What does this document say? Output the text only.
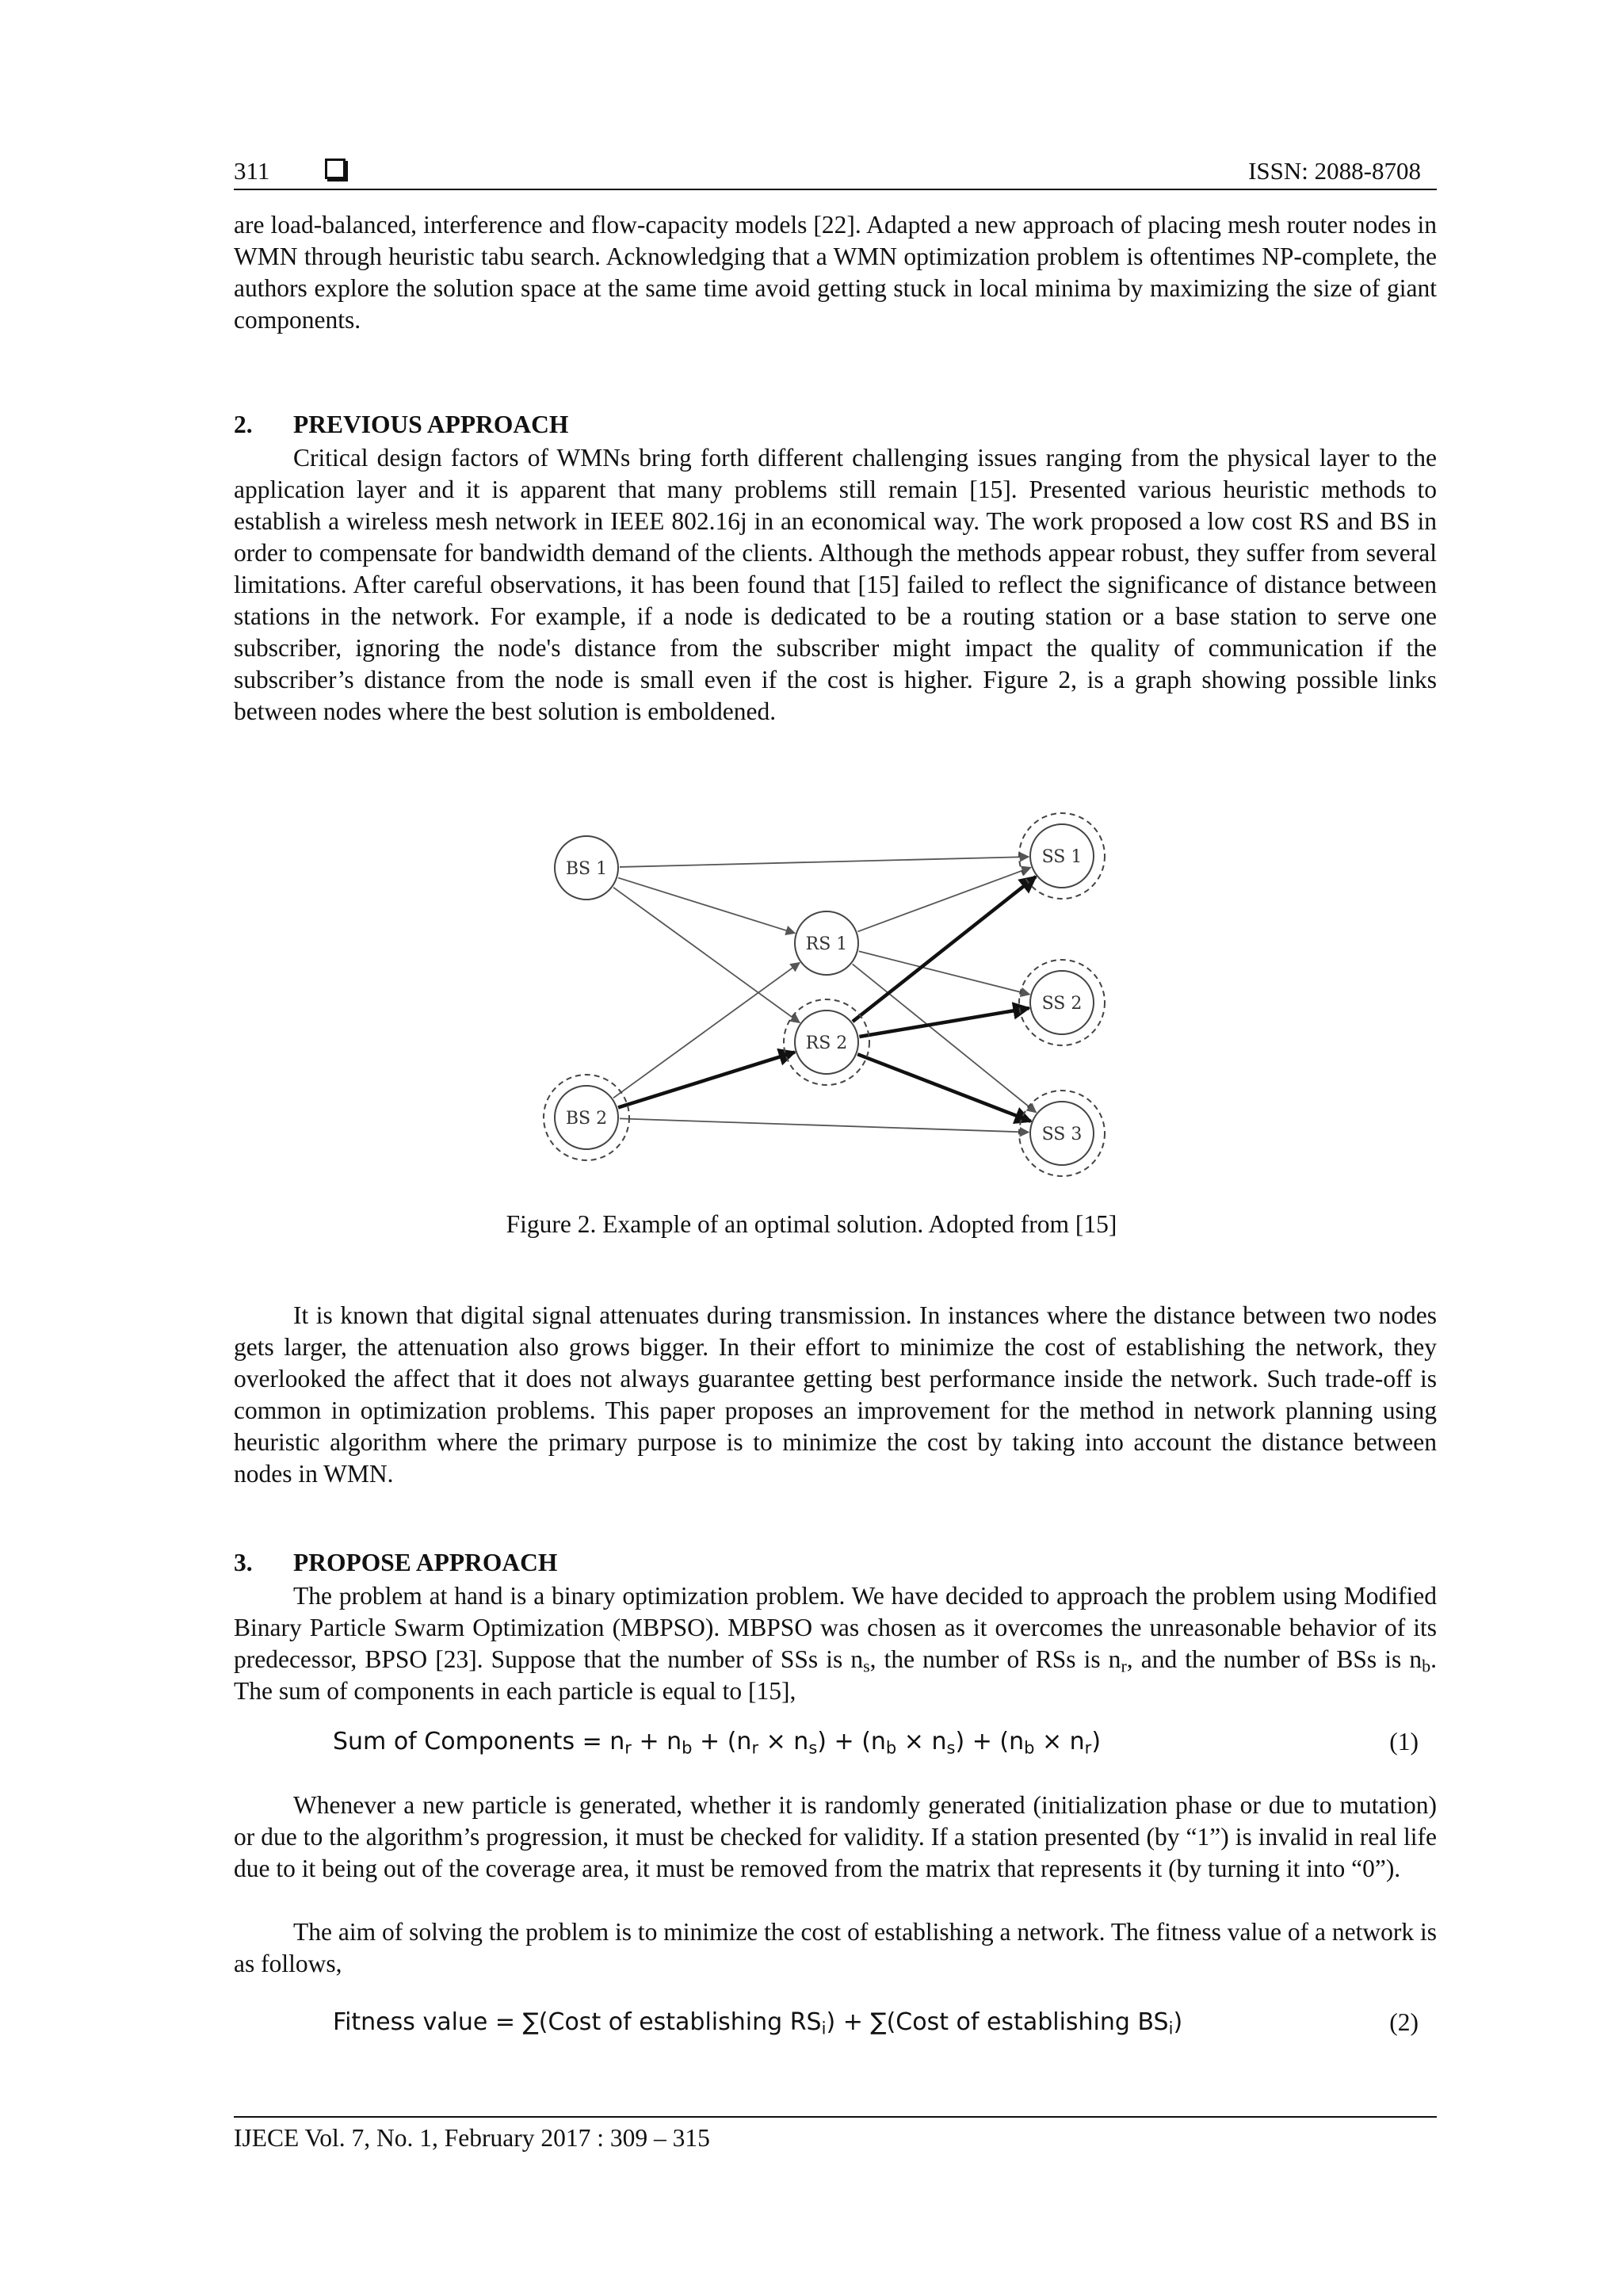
311	ISSN: 2088-8708

are load-balanced, interference and flow-capacity models [22]. Adapted a new approach of placing mesh router nodes in WMN through heuristic tabu search. Acknowledging that a WMN optimization problem is oftentimes NP-complete, the authors explore the solution space at the same time avoid getting stuck in local minima by maximizing the size of giant components.

2. PREVIOUS APPROACH

Critical design factors of WMNs bring forth different challenging issues ranging from the physical layer to the application layer and it is apparent that many problems still remain [15]. Presented various heuristic methods to establish a wireless mesh network in IEEE 802.16j in an economical way. The work proposed a low cost RS and BS in order to compensate for bandwidth demand of the clients. Although the methods appear robust, they suffer from several limitations. After careful observations, it has been found that [15] failed to reflect the significance of distance between stations in the network. For example, if a node is dedicated to be a routing station or a base station to serve one subscriber, ignoring the node's distance from the subscriber might impact the quality of communication if the subscriber’s distance from the node is small even if the cost is higher. Figure 2, is a graph showing possible links between nodes where the best solution is emboldened.

BS 1
BS 2
RS 1
RS 2
SS 1
SS 2
SS 3
Figure 2. Example of an optimal solution. Adopted from [15]

It is known that digital signal attenuates during transmission. In instances where the distance between two nodes gets larger, the attenuation also grows bigger. In their effort to minimize the cost of establishing the network, they overlooked the affect that it does not always guarantee getting best performance inside the network. Such trade-off is common in optimization problems. This paper proposes an improvement for the method in network planning using heuristic algorithm where the primary purpose is to minimize the cost by taking into account the distance between nodes in WMN.

3. PROPOSE APPROACH

The problem at hand is a binary optimization problem. We have decided to approach the problem using Modified Binary Particle Swarm Optimization (MBPSO). MBPSO was chosen as it overcomes the unreasonable behavior of its predecessor, BPSO [23]. Suppose that the number of SSs is $n_s$, the number of RSs is $n_r$, and the number of BSs is $n_b$. The sum of components in each particle is equal to [15],

Sum of Components = $n_r + n_b + (n_r \times n_s) + (n_b \times n_s) + (n_b \times n_r)$	(1)

Whenever a new particle is generated, whether it is randomly generated (initialization phase or due to mutation) or due to the algorithm’s progression, it must be checked for validity. If a station presented (by “1”) is invalid in real life due to it being out of the coverage area, it must be removed from the matrix that represents it (by turning it into “0”).

The aim of solving the problem is to minimize the cost of establishing a network. The fitness value of a network is as follows,

Fitness value = ∑(Cost of establishing $RS_i$) + ∑(Cost of establishing $BS_i$)	(2)
IJECE Vol. 7, No. 1, February 2017 : 309 – 315
